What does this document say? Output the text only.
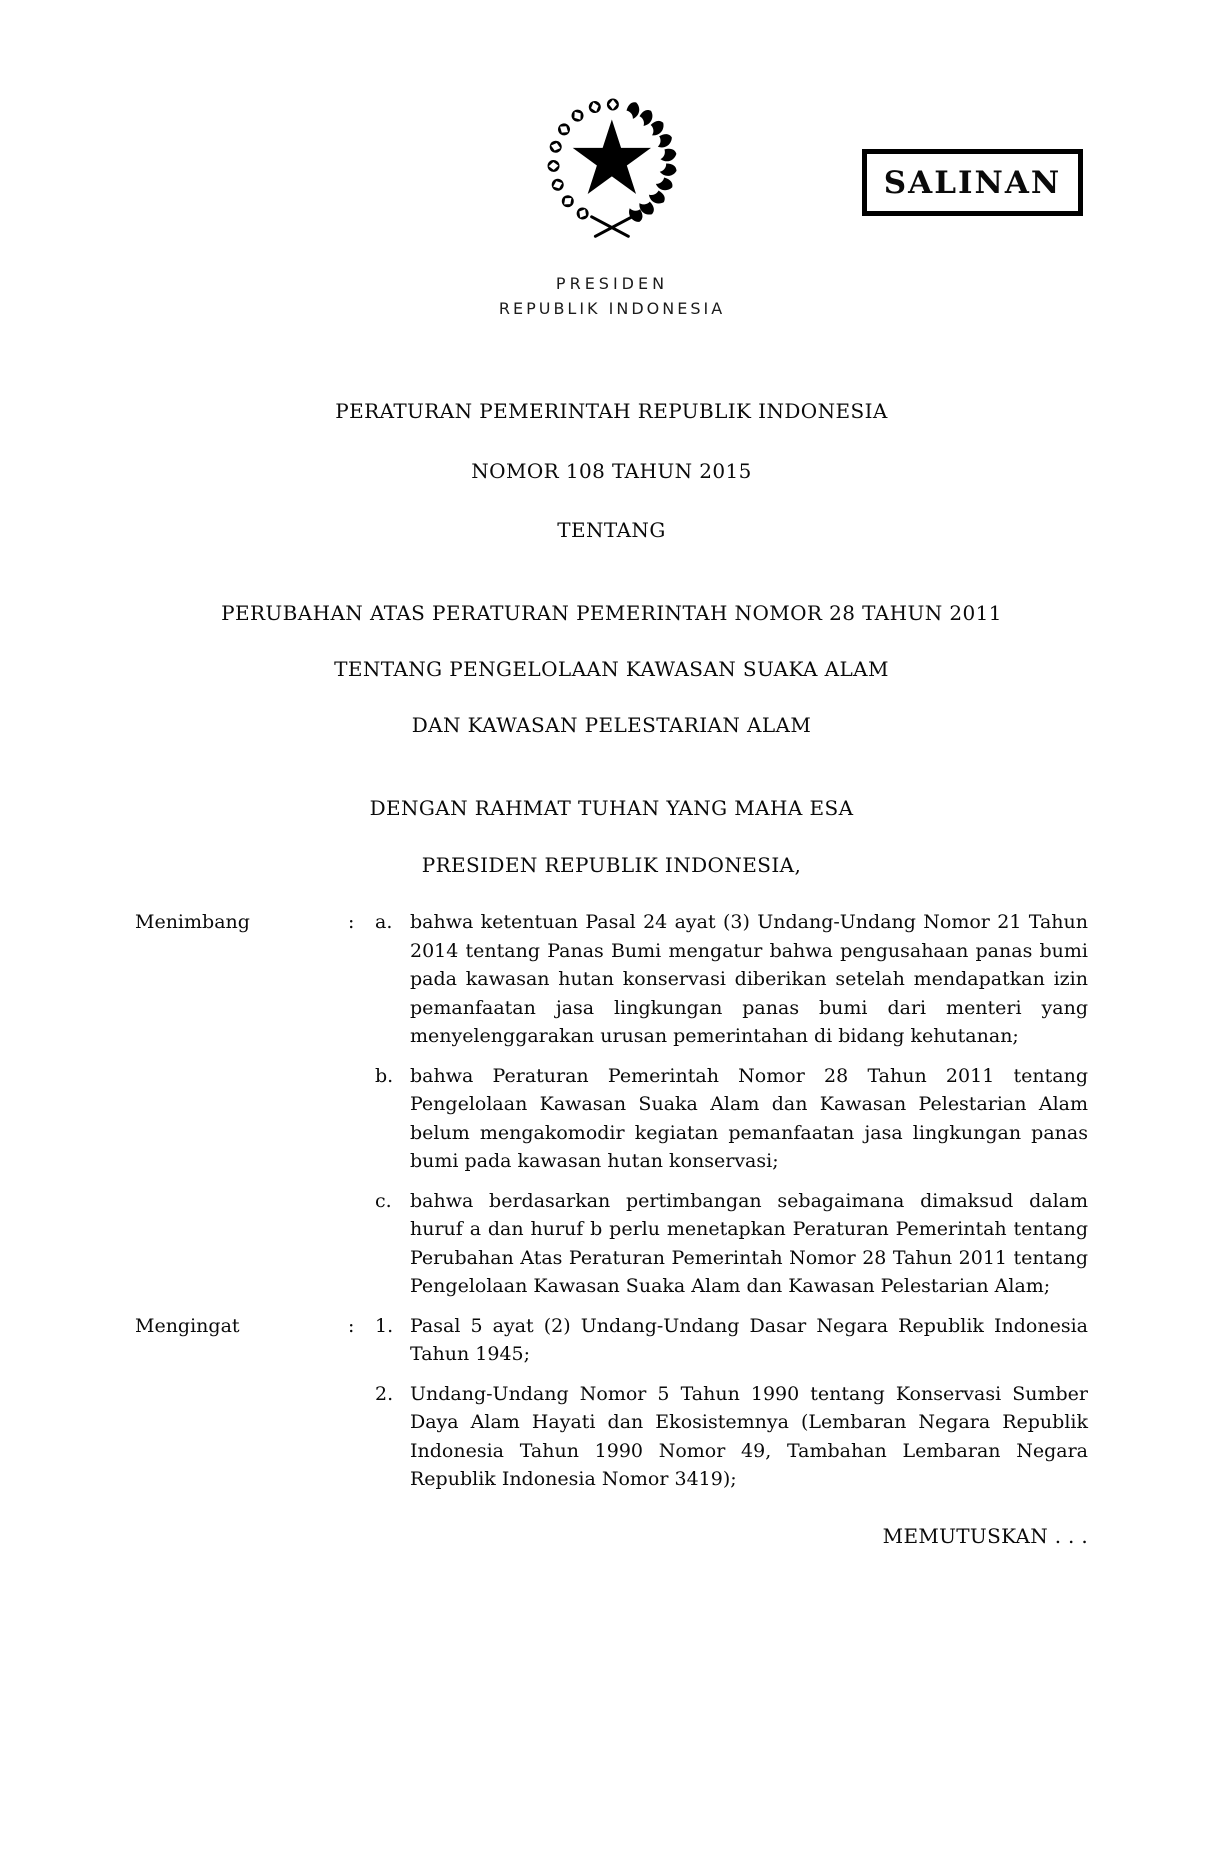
SALINAN
PRESIDEN
REPUBLIK INDONESIA
PERATURAN PEMERINTAH REPUBLIK INDONESIA
NOMOR 108 TAHUN 2015
TENTANG

PERUBAHAN ATAS PERATURAN PEMERINTAH NOMOR 28 TAHUN 2011

TENTANG PENGELOLAAN KAWASAN SUAKA ALAM

DAN KAWASAN PELESTARIAN ALAM

DENGAN RAHMAT TUHAN YANG MAHA ESA
PRESIDEN REPUBLIK INDONESIA,
Menimbang	:	a. bahwa ketentuan Pasal 24 ayat (3) Undang-Undang Nomor 21 Tahun 2014 tentang Panas Bumi mengatur bahwa pengusahaan panas bumi pada kawasan hutan konservasi diberikan setelah mendapatkan izin pemanfaatan jasa lingkungan panas bumi dari menteri yang menyelenggarakan urusan pemerintahan di bidang kehutanan;

b. bahwa Peraturan Pemerintah Nomor 28 Tahun 2011 tentang Pengelolaan Kawasan Suaka Alam dan Kawasan Pelestarian Alam belum mengakomodir kegiatan pemanfaatan jasa lingkungan panas bumi pada kawasan hutan konservasi;

c. bahwa berdasarkan pertimbangan sebagaimana dimaksud dalam huruf a dan huruf b perlu menetapkan Peraturan Pemerintah tentang Perubahan Atas Peraturan Pemerintah Nomor 28 Tahun 2011 tentang Pengelolaan Kawasan Suaka Alam dan Kawasan Pelestarian Alam;

Mengingat	:	1. Pasal 5 ayat (2) Undang-Undang Dasar Negara Republik Indonesia Tahun 1945;

2. Undang-Undang Nomor 5 Tahun 1990 tentang Konservasi Sumber Daya Alam Hayati dan Ekosistemnya (Lembaran Negara Republik Indonesia Tahun 1990 Nomor 49, Tambahan Lembaran Negara Republik Indonesia Nomor 3419);

MEMUTUSKAN . . .
